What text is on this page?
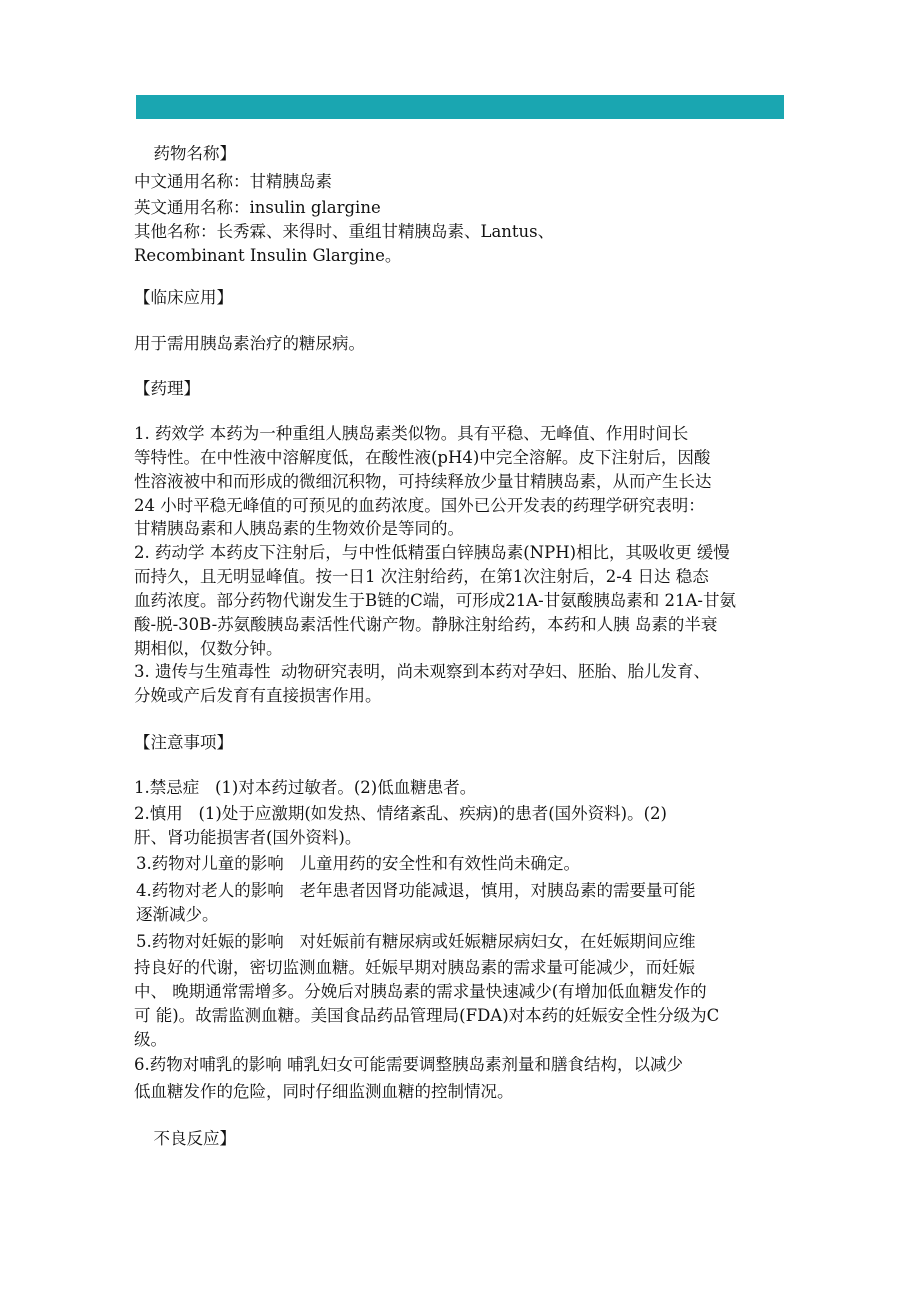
　药物名称】
中文通用名称：甘精胰岛素
英文通用名称：insulin glargine
其他名称：长秀霖、来得时、重组甘精胰岛素、Lantus、
Recombinant Insulin Glargine。
【临床应用】
用于需用胰岛素治疗的糖尿病。
【药理】
1. 药效学 本药为一种重组人胰岛素类似物。具有平稳、无峰值、作用时间长
等特性。在中性液中溶解度低，在酸性液(pH4)中完全溶解。皮下注射后，因酸
性溶液被中和而形成的微细沉积物，可持续释放少量甘精胰岛素，从而产生长达
24 小时平稳无峰值的可预见的血药浓度。国外已公开发表的药理学研究表明：
甘精胰岛素和人胰岛素的生物效价是等同的。
2. 药动学 本药皮下注射后，与中性低精蛋白锌胰岛素(NPH)相比，其吸收更 缓慢
而持久，且无明显峰值。按一日1 次注射给药，在第1次注射后，2-4 日达 稳态
血药浓度。部分药物代谢发生于B链的C端，可形成21A-甘氨酸胰岛素和 21A-甘氨
酸-脱-30B-苏氨酸胰岛素活性代谢产物。静脉注射给药，本药和人胰 岛素的半衰
期相似，仅数分钟。
3. 遗传与生殖毒性  动物研究表明，尚未观察到本药对孕妇、胚胎、胎儿发育、
分娩或产后发育有直接损害作用。
【注意事项】
1.禁忌症   (1)对本药过敏者。(2)低血糖患者。
2.慎用   (1)处于应激期(如发热、情绪紊乱、疾病)的患者(国外资料)。(2)
肝、肾功能损害者(国外资料)。
3.药物对儿童的影响   儿童用药的安全性和有效性尚未确定。
4.药物对老人的影响   老年患者因肾功能减退，慎用，对胰岛素的需要量可能
逐渐减少。
5.药物对妊娠的影响   对妊娠前有糖尿病或妊娠糖尿病妇女，在妊娠期间应维
持良好的代谢，密切监测血糖。妊娠早期对胰岛素的需求量可能减少，而妊娠
中、 晚期通常需增多。分娩后对胰岛素的需求量快速减少(有增加低血糖发作的
可 能)。故需监测血糖。美国食品药品管理局(FDA)对本药的妊娠安全性分级为C
级。
6.药物对哺乳的影响 哺乳妇女可能需要调整胰岛素剂量和膳食结构，以减少
低血糖发作的危险，同时仔细监测血糖的控制情况。
　不良反应】
